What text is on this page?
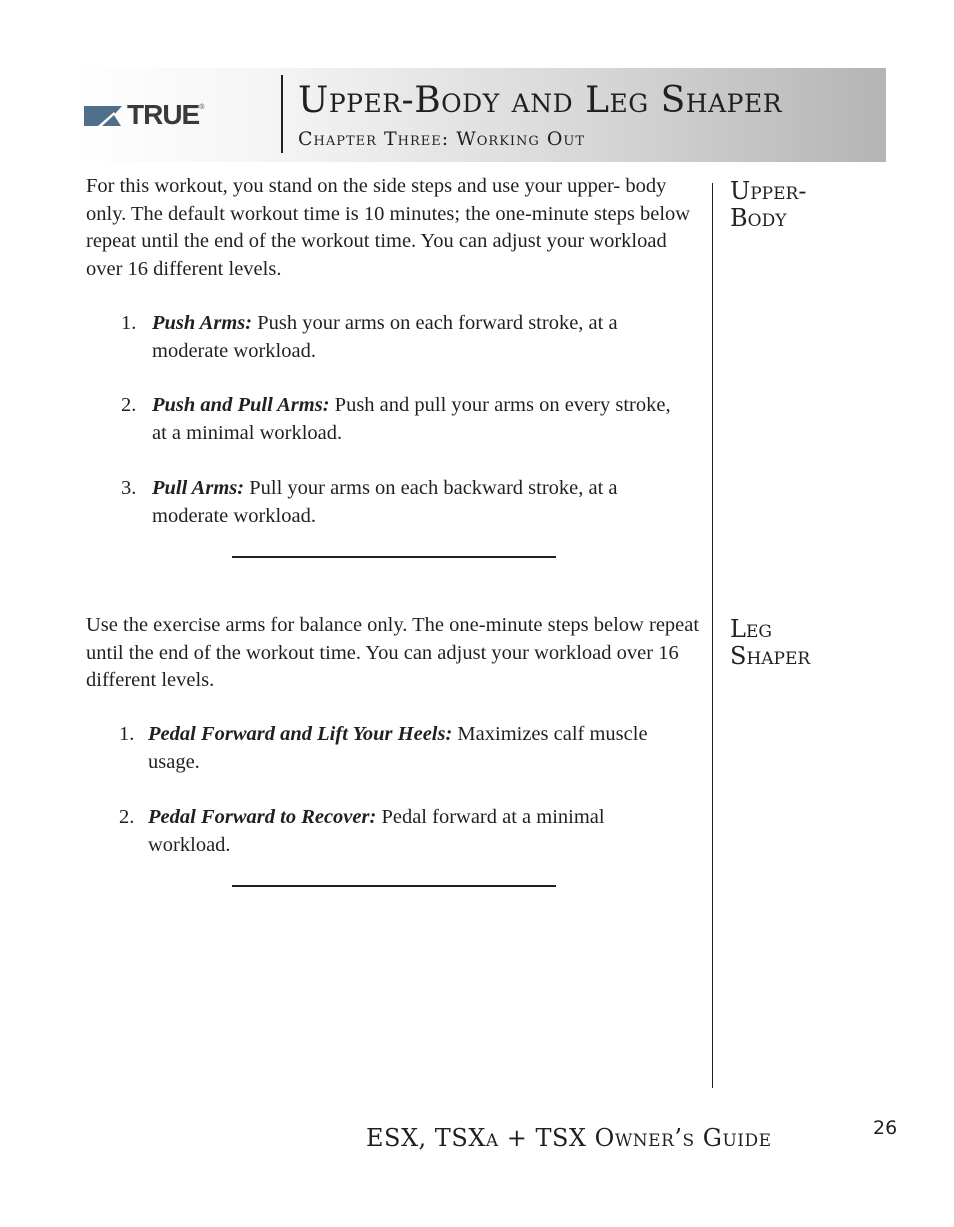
TRUE ®	Upper-Body and Leg Shaper
Chapter Three: Working Out

For this workout, you stand on the side steps and use your upper- body only. The default workout time is 10 minutes; the one-minute steps below repeat until the end of the workout time. You can adjust your workload over 16 different levels.

1. Push Arms: Push your arms on each forward stroke, at a moderate workload.
2. Push and Pull Arms: Push and pull your arms on every stroke, at a minimal workload.
3. Pull Arms: Pull your arms on each backward stroke, at a moderate workload.

Use the exercise arms for balance only. The one-minute steps below repeat until the end of the workout time. You can adjust your workload over 16 different levels.

1. Pedal Forward and Lift Your Heels: Maximizes calf muscle usage.
2. Pedal Forward to Recover: Pedal forward at a minimal workload.
Upper-
Body
Leg
Shaper
ESX, TSXa + TSX Owner’s Guide	26
